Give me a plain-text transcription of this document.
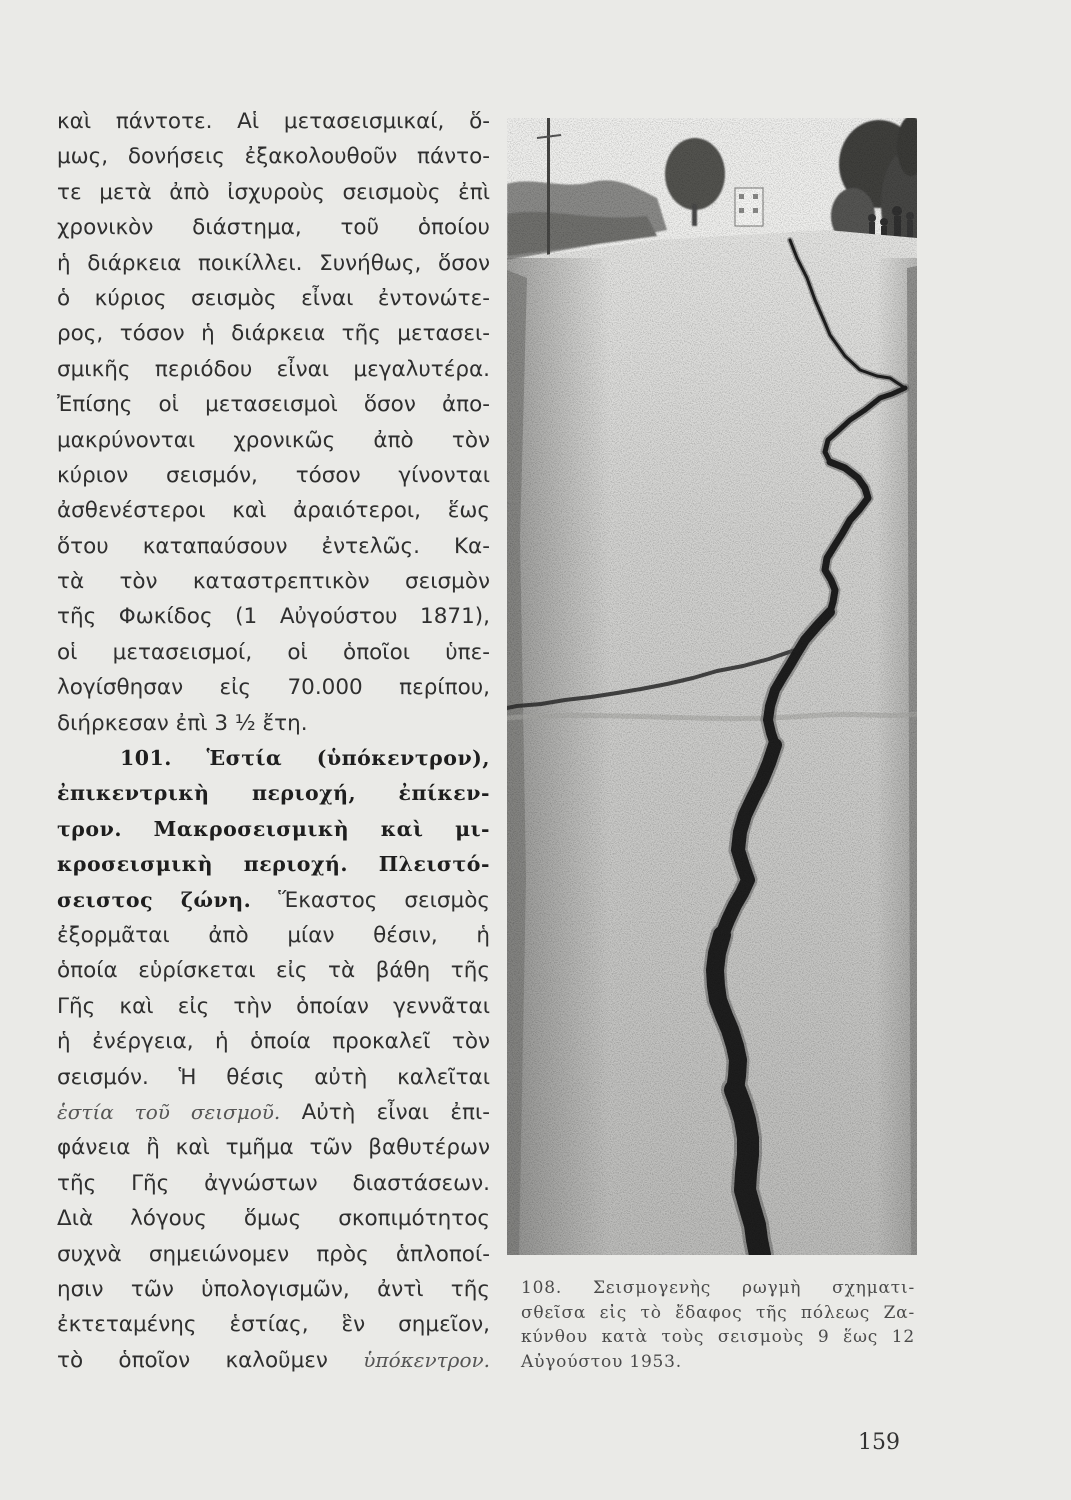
καὶ πάντοτε. Αἱ μετασεισμικαί, ὅ-
μως, δονήσεις ἐξακολουθοῦν πάντο-
τε μετὰ ἀπὸ ἰσχυροὺς σεισμοὺς ἐπὶ
χρονικὸν διάστημα, τοῦ ὁποίου
ἡ διάρκεια ποικίλλει. Συνήθως, ὅσον
ὁ κύριος σεισμὸς εἶναι ἐντονώτε-
ρος, τόσον ἡ διάρκεια τῆς μετασει-
σμικῆς περιόδου εἶναι μεγαλυτέρα.
Ἐπίσης οἱ μετασεισμοὶ ὅσον ἀπο-
μακρύνονται χρονικῶς ἀπὸ τὸν
κύριον σεισμόν, τόσον γίνονται
ἀσθενέστεροι καὶ ἀραιότεροι, ἕως
ὅτου καταπαύσουν ἐντελῶς. Κα-
τὰ τὸν καταστρεπτικὸν σεισμὸν
τῆς Φωκίδος (1 Αὐγούστου 1871),
οἱ μετασεισμοί, οἱ ὁποῖοι ὑπε-
λογίσθησαν εἰς 70.000 περίπου,
διήρκεσαν ἐπὶ 3 ½ ἔτη.
101. Ἑστία (ὑπόκεντρον),
ἐπικεντρικὴ περιοχή, ἐπίκεν-
τρον. Μακροσεισμικὴ καὶ μι-
κροσεισμικὴ περιοχή. Πλειστό-
σειστος ζώνη. Ἕκαστος σεισμὸς
ἐξορμᾶται ἀπὸ μίαν θέσιν, ἡ
ὁποία εὑρίσκεται εἰς τὰ βάθη τῆς
Γῆς καὶ εἰς τὴν ὁποίαν γεννᾶται
ἡ ἐνέργεια, ἡ ὁποία προκαλεῖ τὸν
σεισμόν. Ἡ θέσις αὐτὴ καλεῖται
ἑστία τοῦ σεισμοῦ. Αὐτὴ εἶναι ἐπι-
φάνεια ἢ καὶ τμῆμα τῶν βαθυτέρων
τῆς Γῆς ἀγνώστων διαστάσεων.
Διὰ λόγους ὅμως σκοπιμότητος
συχνὰ σημειώνομεν πρὸς ἁπλοποί-
ησιν τῶν ὑπολογισμῶν, ἀντὶ τῆς
ἐκτεταμένης ἑστίας, ἓν σημεῖον,
τὸ ὁποῖον καλοῦμεν ὑπόκεντρον.
108. Σεισμογενὴς ρωγμὴ σχηματι-
σθεῖσα εἰς τὸ ἔδαφος τῆς πόλεως Ζα-
κύνθου κατὰ τοὺς σεισμοὺς 9 ἕως 12
Αὐγούστου 1953.
159
